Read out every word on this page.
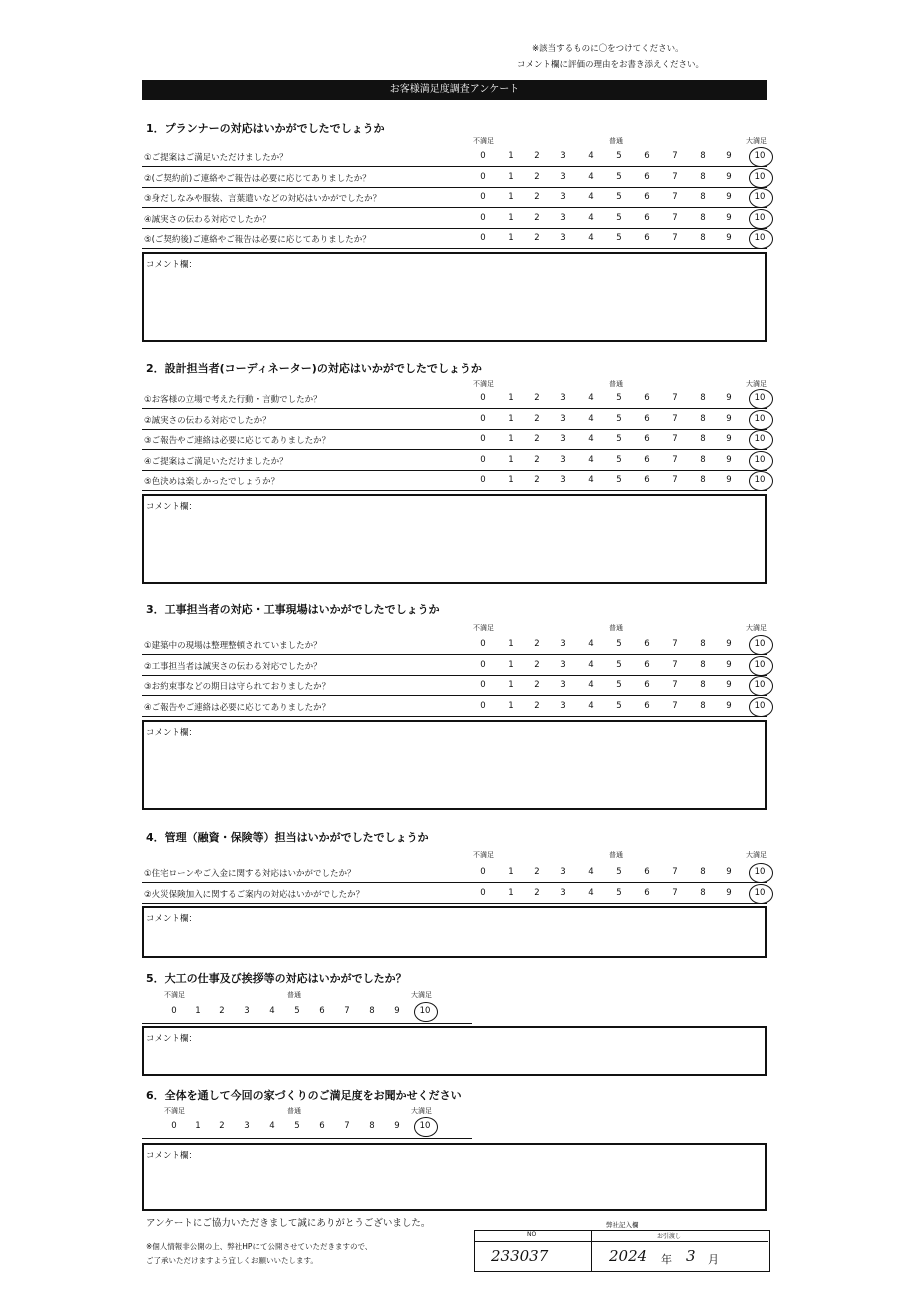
※該当するものに〇をつけてください。
コメント欄に評価の理由をお書き添えください。
お客様満足度調査アンケート
1．プランナーの対応はいかがでしたでしょうか
不満足	普通	大満足
①ご提案はご満足いただけましたか？	0	1	2	3	4	5	6	7	8	9	10
②(ご契約前)ご連絡やご報告は必要に応じてありましたか？	0	1	2	3	4	5	6	7	8	9	10
③身だしなみや服装、言葉遣いなどの対応はいかがでしたか？	0	1	2	3	4	5	6	7	8	9	10
④誠実さの伝わる対応でしたか？	0	1	2	3	4	5	6	7	8	9	10
⑤(ご契約後)ご連絡やご報告は必要に応じてありましたか？	0	1	2	3	4	5	6	7	8	9	10
コメント欄：
2．設計担当者(コーディネーター)の対応はいかがでしたでしょうか
不満足	普通	大満足
①お客様の立場で考えた行動・言動でしたか？	0	1	2	3	4	5	6	7	8	9	10
②誠実さの伝わる対応でしたか？	0	1	2	3	4	5	6	7	8	9	10
③ご報告やご連絡は必要に応じてありましたか？	0	1	2	3	4	5	6	7	8	9	10
④ご提案はご満足いただけましたか？	0	1	2	3	4	5	6	7	8	9	10
⑤色決めは楽しかったでしょうか？	0	1	2	3	4	5	6	7	8	9	10
コメント欄：
3．工事担当者の対応・工事現場はいかがでしたでしょうか
不満足	普通	大満足
①建築中の現場は整理整頓されていましたか？	0	1	2	3	4	5	6	7	8	9	10
②工事担当者は誠実さの伝わる対応でしたか？	0	1	2	3	4	5	6	7	8	9	10
③お約束事などの期日は守られておりましたか？	0	1	2	3	4	5	6	7	8	9	10
④ご報告やご連絡は必要に応じてありましたか？	0	1	2	3	4	5	6	7	8	9	10
コメント欄：
4．管理（融資・保険等）担当はいかがでしたでしょうか
不満足	普通	大満足
①住宅ローンやご入金に関する対応はいかがでしたか？	0	1	2	3	4	5	6	7	8	9	10
②火災保険加入に関するご案内の対応はいかがでしたか？	0	1	2	3	4	5	6	7	8	9	10
コメント欄：
5．大工の仕事及び挨拶等の対応はいかがでしたか？
不満足	普通	大満足
0	1	2	3	4	5	6	7	8	9	10
コメント欄：
6．全体を通して今回の家づくりのご満足度をお聞かせください
不満足	普通	大満足
0	1	2	3	4	5	6	7	8	9	10
コメント欄：
アンケートにご協力いただきまして誠にありがとうございました。
※個人情報非公開の上、弊社HPにて公開させていただきますので、
ご了承いただけますよう宜しくお願いいたします。
弊社記入欄
NO	お引渡し
233037	2024 年 3 月
